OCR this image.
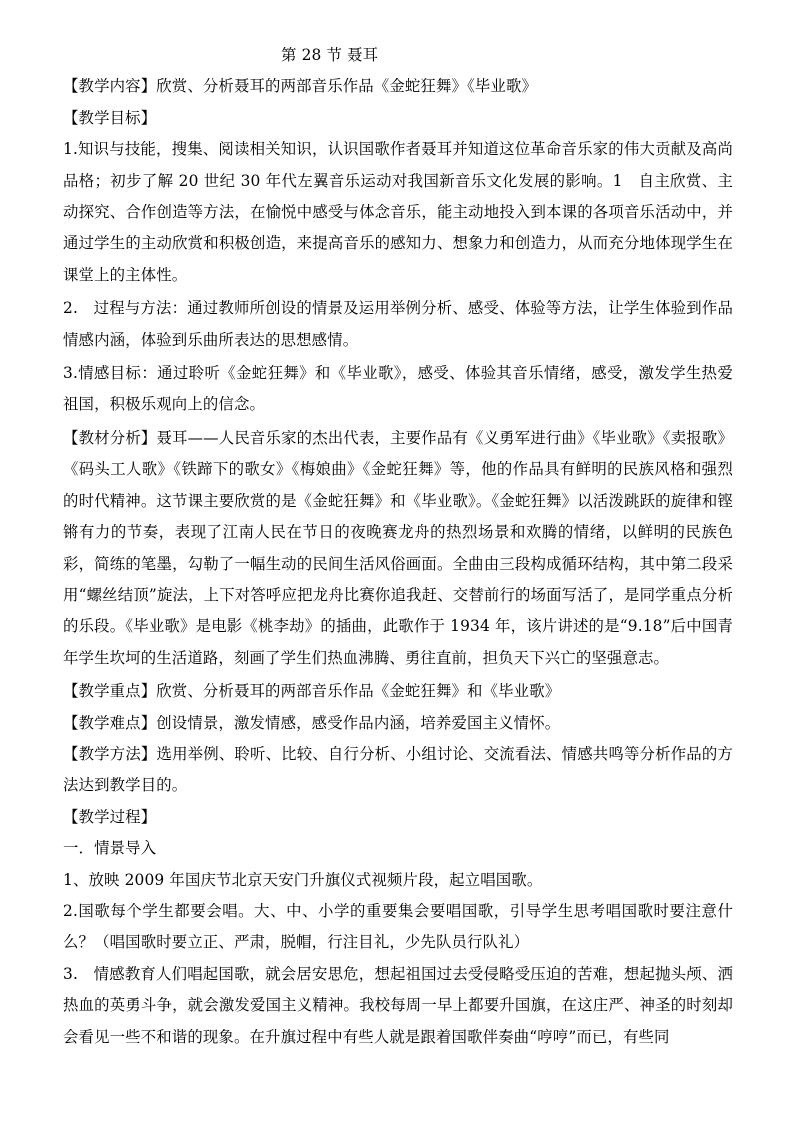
第 28 节 聂耳

【教学内容】欣赏、分析聂耳的两部音乐作品《金蛇狂舞》《毕业歌》

【教学目标】

1.知识与技能，搜集、阅读相关知识，认识国歌作者聂耳并知道这位革命音乐家的伟大贡献及高尚品格；初步了解 20 世纪 30 年代左翼音乐运动对我国新音乐文化发展的影响。1　自主欣赏、主动探究、合作创造等方法，在愉悦中感受与体念音乐，能主动地投入到本课的各项音乐活动中，并通过学生的主动欣赏和积极创造，来提高音乐的感知力、想象力和创造力，从而充分地体现学生在课堂上的主体性。

2.　过程与方法：通过教师所创设的情景及运用举例分析、感受、体验等方法，让学生体验到作品情感内涵，体验到乐曲所表达的思想感情。

3.情感目标：通过聆听《金蛇狂舞》和《毕业歌》，感受、体验其音乐情绪，感受，激发学生热爱祖国，积极乐观向上的信念。

【教材分析】聂耳——人民音乐家的杰出代表，主要作品有《义勇军进行曲》《毕业歌》《卖报歌》《码头工人歌》《铁蹄下的歌女》《梅娘曲》《金蛇狂舞》等，他的作品具有鲜明的民族风格和强烈的时代精神。这节课主要欣赏的是《金蛇狂舞》和《毕业歌》。《金蛇狂舞》以活泼跳跃的旋律和铿锵有力的节奏，表现了江南人民在节日的夜晚赛龙舟的热烈场景和欢腾的情绪，以鲜明的民族色彩，简练的笔墨，勾勒了一幅生动的民间生活风俗画面。全曲由三段构成循环结构，其中第二段采用“螺丝结顶”旋法，上下对答呼应把龙舟比赛你追我赶、交替前行的场面写活了，是同学重点分析的乐段。《毕业歌》是电影《桃李劫》的插曲，此歌作于 1934 年，该片讲述的是“9.18”后中国青年学生坎坷的生活道路，刻画了学生们热血沸腾、勇往直前，担负天下兴亡的坚强意志。

【教学重点】欣赏、分析聂耳的两部音乐作品《金蛇狂舞》和《毕业歌》

【教学难点】创设情景，激发情感，感受作品内涵，培养爱国主义情怀。

【教学方法】选用举例、聆听、比较、自行分析、小组讨论、交流看法、情感共鸣等分析作品的方法达到教学目的。

【教学过程】

一．情景导入

1、放映 2009 年国庆节北京天安门升旗仪式视频片段，起立唱国歌。

2.国歌每个学生都要会唱。大、中、小学的重要集会要唱国歌，引导学生思考唱国歌时要注意什么？（唱国歌时要立正、严肃，脱帽，行注目礼，少先队员行队礼）

3.　情感教育人们唱起国歌，就会居安思危，想起祖国过去受侵略受压迫的苦难，想起抛头颅、洒热血的英勇斗争，就会激发爱国主义精神。我校每周一早上都要升国旗，在这庄严、神圣的时刻却会看见一些不和谐的现象。在升旗过程中有些人就是跟着国歌伴奏曲“哼哼”而已，有些同
